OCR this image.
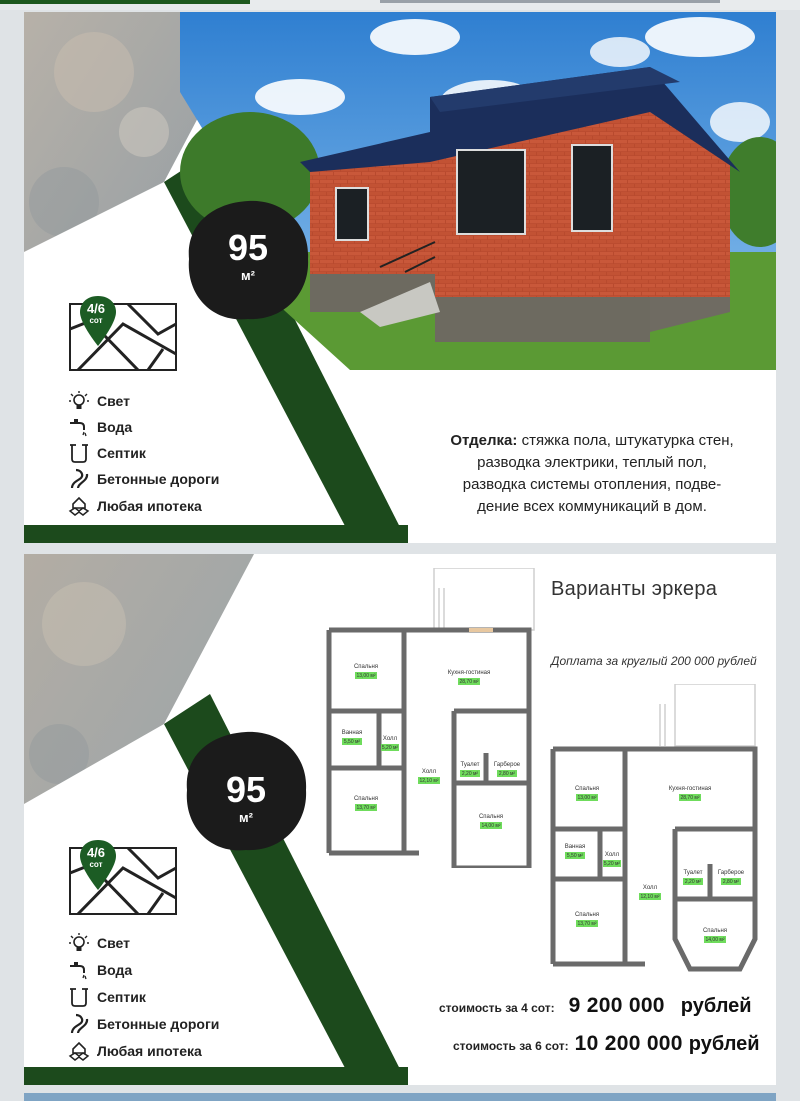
95
м²
4/6
сот
Свет
Вода
Септик
Бетонные дороги
Любая ипотека
Отделка: стяжка пола, штукатурка стен,
разводка электрики, теплый пол,
разводка системы отопления, подве-
дение всех коммуникаций в дом.
Варианты эркера
Доплата за круглый 200 000 рублей
Спальня
Кухня-гостиная
Ванная
Холл
Холл
Туалет Гарберое
Спальня
Спальня
13,00 м²
28,70 м²
5,50 м²
5,20 м²
12,10 м²
2,20 м²	2,80 м²
13,70 м²
14,00 м²
Спальня	Кухня-гостиная
Ванная
Холл
Холл
Туалет	Гарберое
Спальня
Спальня
13,00 м²	28,70 м²
5,50 м²
5,20 м²
12,10 м²
2,20 м²	2,80 м²
13,70 м²
14,00 м²
95
м²
4/6
сот
Свет
Вода
Септик
Бетонные дороги
Любая ипотека
стоимость за 4 сот: 9 200 000 рублей
стоимость за 6 сот: 10 200 000 рублей
